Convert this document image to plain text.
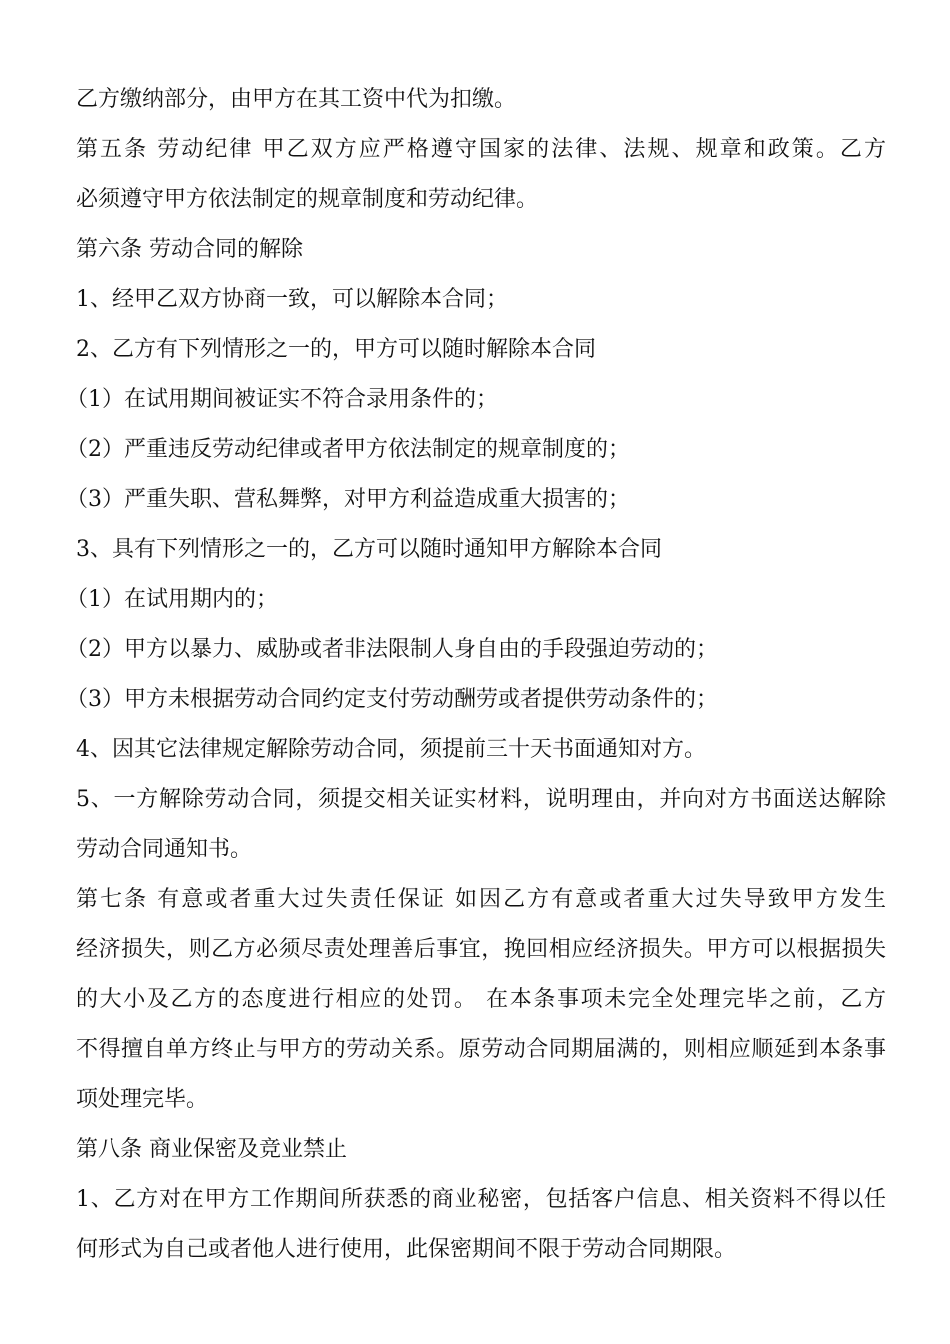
乙方缴纳部分，由甲方在其工资中代为扣缴。
第五条 劳动纪律 甲乙双方应严格遵守国家的法律、法规、规章和政策。乙方
必须遵守甲方依法制定的规章制度和劳动纪律。
第六条 劳动合同的解除
1、经甲乙双方协商一致，可以解除本合同；
2、乙方有下列情形之一的，甲方可以随时解除本合同
（1）在试用期间被证实不符合录用条件的；
（2）严重违反劳动纪律或者甲方依法制定的规章制度的；
（3）严重失职、营私舞弊，对甲方利益造成重大损害的；
3、具有下列情形之一的，乙方可以随时通知甲方解除本合同
（1）在试用期内的；
（2）甲方以暴力、威胁或者非法限制人身自由的手段强迫劳动的；
（3）甲方未根据劳动合同约定支付劳动酬劳或者提供劳动条件的；
4、因其它法律规定解除劳动合同，须提前三十天书面通知对方。
5、一方解除劳动合同，须提交相关证实材料，说明理由，并向对方书面送达解除
劳动合同通知书。
第七条 有意或者重大过失责任保证 如因乙方有意或者重大过失导致甲方发生
经济损失，则乙方必须尽责处理善后事宜，挽回相应经济损失。甲方可以根据损失
的大小及乙方的态度进行相应的处罚。 在本条事项未完全处理完毕之前，乙方
不得擅自单方终止与甲方的劳动关系。原劳动合同期届满的，则相应顺延到本条事
项处理完毕。
第八条 商业保密及竞业禁止
1、乙方对在甲方工作期间所获悉的商业秘密，包括客户信息、相关资料不得以任
何形式为自己或者他人进行使用，此保密期间不限于劳动合同期限。
